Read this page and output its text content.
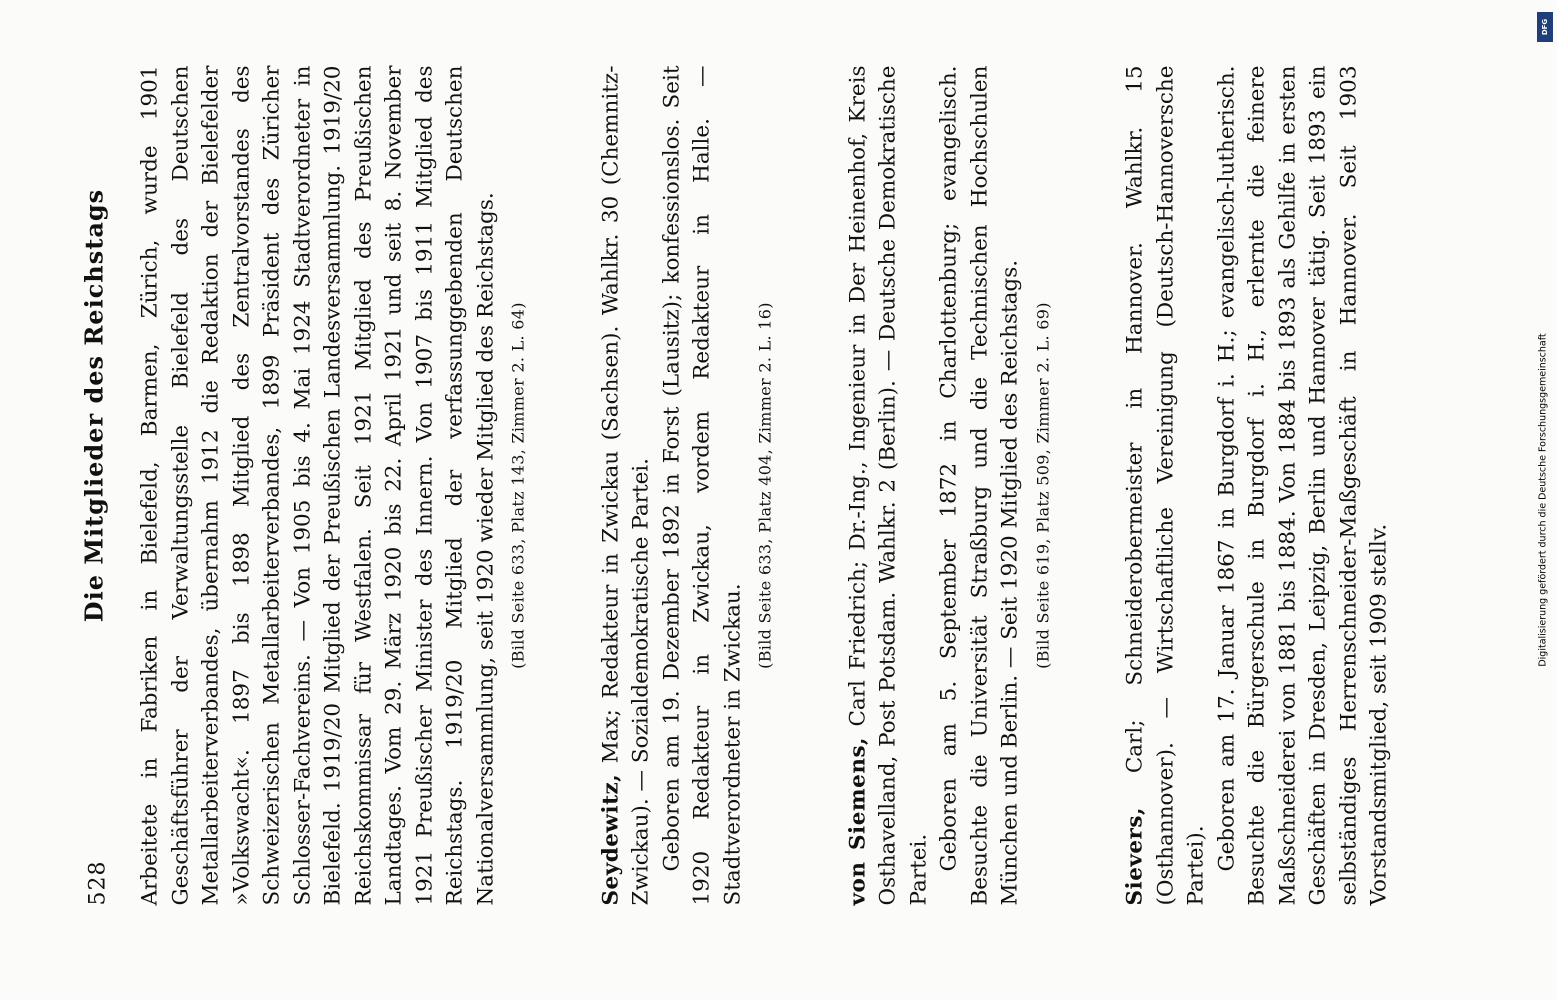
528
Die Mitglieder des Reichstags Arbeitete in Fabriken in Bielefeld, Barmen, Zürich, wurde 1901 Geschäftsführer der Verwaltungsstelle Bielefeld des Deutschen Metallarbeiterverbandes, übernahm 1912 die Redaktion der Bielefelder »Volkswacht«. 1897 bis 1898 Mitglied des Zentralvorstandes des Schweizerischen Metallarbeiterverbandes, 1899 Präsident des Züricher Schlosser-Fachvereins. — Von 1905 bis 4. Mai 1924 Stadtverordneter in Bielefeld. 1919/20 Mitglied der Preußischen Landesversammlung. 1919/20 Reichskommissar für Westfalen. Seit 1921 Mitglied des Preußischen Landtages. Vom 29. März 1920 bis 22. April 1921 und seit 8. November 1921 Preußischer Minister des Innern. Von 1907 bis 1911 Mitglied des Reichstags. 1919/20 Mitglied der verfassunggebenden Deutschen Nationalversammlung, seit 1920 wieder Mitglied des Reichstags. (Bild Seite 633, Platz 143, Zimmer 2. L. 64)

Seydewitz, Max; Redakteur in Zwickau (Sachsen). Wahlkr. 30 (Chemnitz-Zwickau). — Sozialdemokratische Partei. Geboren am 19. Dezember 1892 in Forst (Lausitz); konfessionslos. Seit 1920 Redakteur in Zwickau, vordem Redakteur in Halle. — Stadtverordneter in Zwickau.

(Bild Seite 633, Platz 404, Zimmer 2. L. 16)

von Siemens, Carl Friedrich; Dr.-Ing., Ingenieur in Der Heinenhof, Kreis Osthavelland, Post Potsdam. Wahlkr. 2 (Berlin). — Deutsche Demokratische Partei. Geboren am 5. September 1872 in Charlottenburg; evangelisch. Besuchte die Universität Straßburg und die Technischen Hochschulen München und Berlin. — Seit 1920 Mitglied des Reichstags. (Bild Seite 619, Platz 509, Zimmer 2. L. 69)

Sievers, Carl; Schneiderobermeister in Hannover. Wahlkr. 15 (Osthannover). — Wirtschaftliche Vereinigung (Deutsch-Hannoversche Partei). Geboren am 17. Januar 1867 in Burgdorf i. H.; evangelisch-lutherisch. Besuchte die Bürgerschule in Burgdorf i. H., erlernte die feinere Maßschneiderei von 1881 bis 1884. Von 1884 bis 1893 als Gehilfe in ersten Geschäften in Dresden, Leipzig, Berlin und Hannover tätig. Seit 1893 ein selbständiges Herrenschneider-Maßgeschäft in Hannover. Seit 1903 Vorstandsmitglied, seit 1909 stellv.

Digitalisierung gefördert durch die Deutsche Forschungsgemeinschaft
DFG
